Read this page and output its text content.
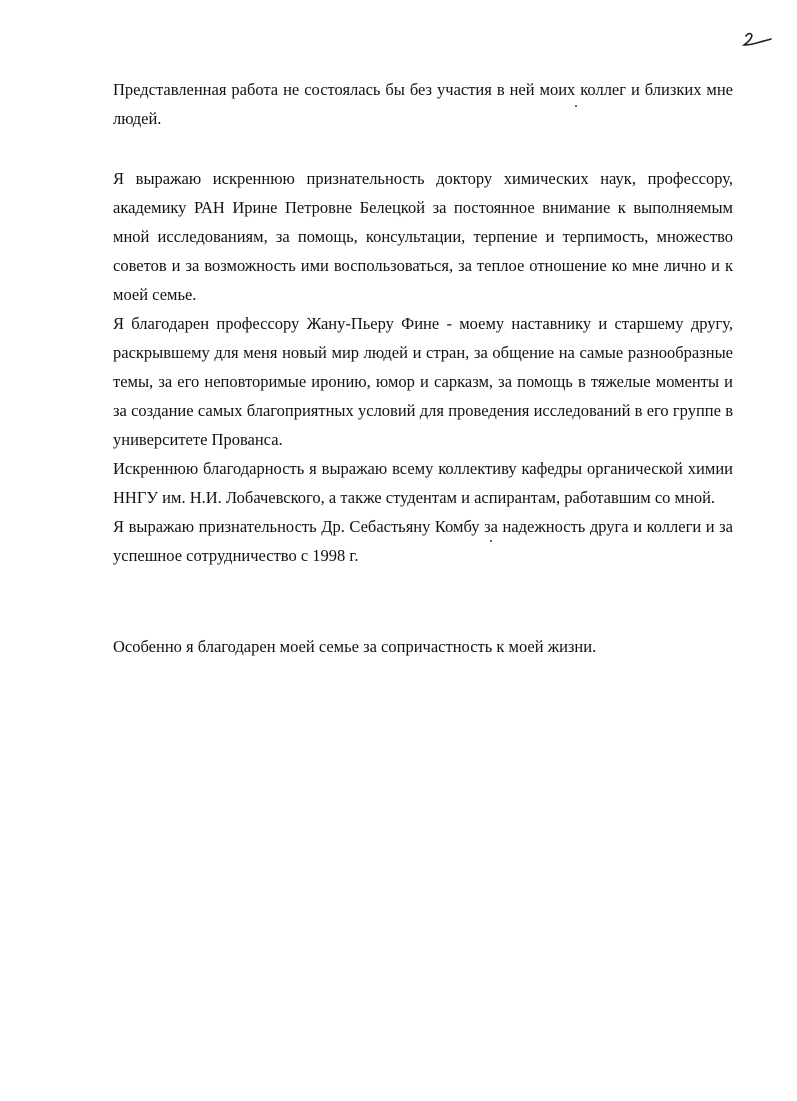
Представленная работа не состоялась бы без участия в ней моих коллег и близких мне людей.

Я выражаю искреннюю признательность доктору химических наук, профессору, академику РАН Ирине Петровне Белецкой за постоянное внимание к выполняемым мной исследованиям, за помощь, консультации, терпение и терпимость, множество советов и за возможность ими воспользоваться, за теплое отношение ко мне лично и к моей семье.

Я благодарен профессору Жану-Пьеру Фине - моему наставнику и старшему другу, раскрывшему для меня новый мир людей и стран, за общение на самые разнообразные темы, за его неповторимые иронию, юмор и сарказм, за помощь в тяжелые моменты и за создание самых благоприятных условий для проведения исследований в его группе в университете Прованса.

Искреннюю благодарность я выражаю всему коллективу кафедры органической химии ННГУ им. Н.И. Лобачевского, а также студентам и аспирантам, работавшим со мной.

Я выражаю признательность Др. Себастьяну Комбу за надежность друга и коллеги и за успешное сотрудничество с 1998 г.

Особенно я благодарен моей семье за сопричастность к моей жизни.
